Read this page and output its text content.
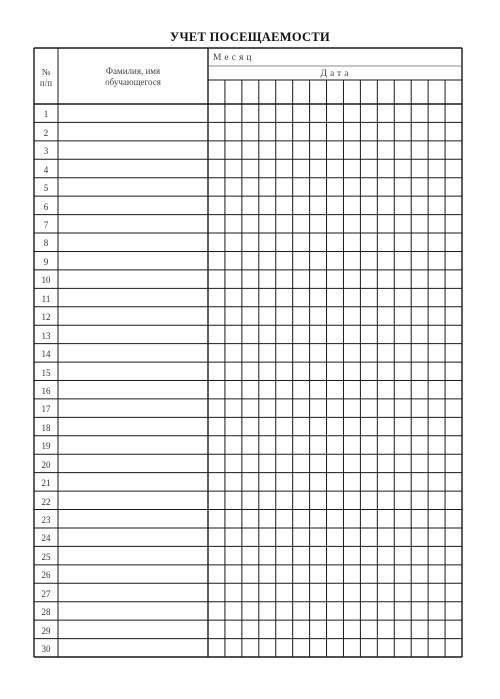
УЧЕТ ПОСЕЩАЕМОСТИ
№
п/п
Фамилия, имя
обучающегося
Месяц
Дата
1
2
3
4
5
6
7
8
9
10
11
12
13
14
15
16
17
18
19
20
21
22
23
24
25
26
27
28
29
30
